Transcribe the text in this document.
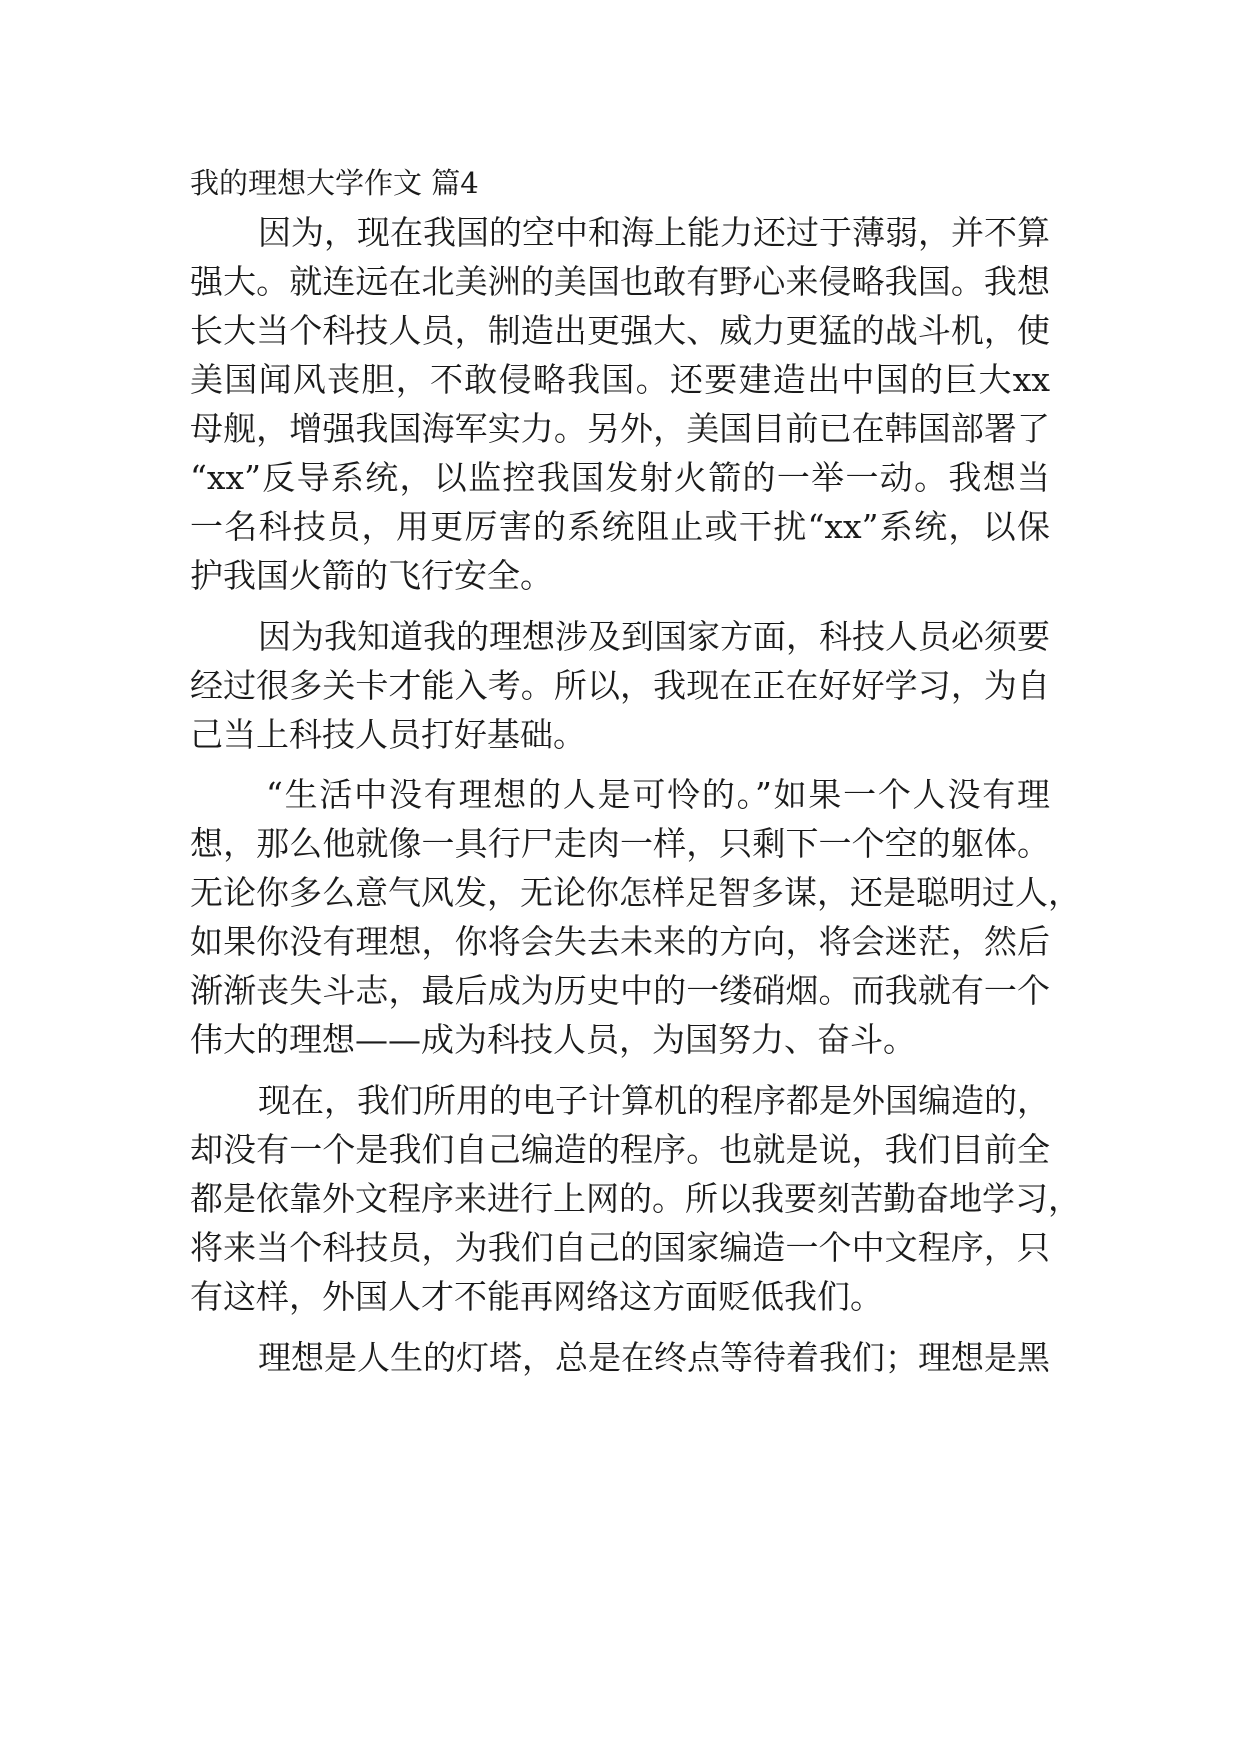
我的理想大学作文 篇4
因为，现在我国的空中和海上能力还过于薄弱，并不算
强大。就连远在北美洲的美国也敢有野心来侵略我国。我想
长大当个科技人员，制造出更强大、威力更猛的战斗机，使
美国闻风丧胆，不敢侵略我国。还要建造出中国的巨大xx
母舰，增强我国海军实力。另外，美国目前已在韩国部署了
“xx”反导系统，以监控我国发射火箭的一举一动。我想当
一名科技员，用更厉害的系统阻止或干扰“xx”系统，以保
护我国火箭的飞行安全。
因为我知道我的理想涉及到国家方面，科技人员必须要
经过很多关卡才能入考。所以，我现在正在好好学习，为自
己当上科技人员打好基础。
“生活中没有理想的人是可怜的。”如果一个人没有理
想，那么他就像一具行尸走肉一样，只剩下一个空的躯体。
无论你多么意气风发，无论你怎样足智多谋，还是聪明过人，
如果你没有理想，你将会失去未来的方向，将会迷茫，然后
渐渐丧失斗志，最后成为历史中的一缕硝烟。而我就有一个
伟大的理想——成为科技人员，为国努力、奋斗。
现在，我们所用的电子计算机的程序都是外国编造的，
却没有一个是我们自己编造的程序。也就是说，我们目前全
都是依靠外文程序来进行上网的。所以我要刻苦勤奋地学习，
将来当个科技员，为我们自己的国家编造一个中文程序，只
有这样，外国人才不能再网络这方面贬低我们。
理想是人生的灯塔，总是在终点等待着我们；理想是黑
